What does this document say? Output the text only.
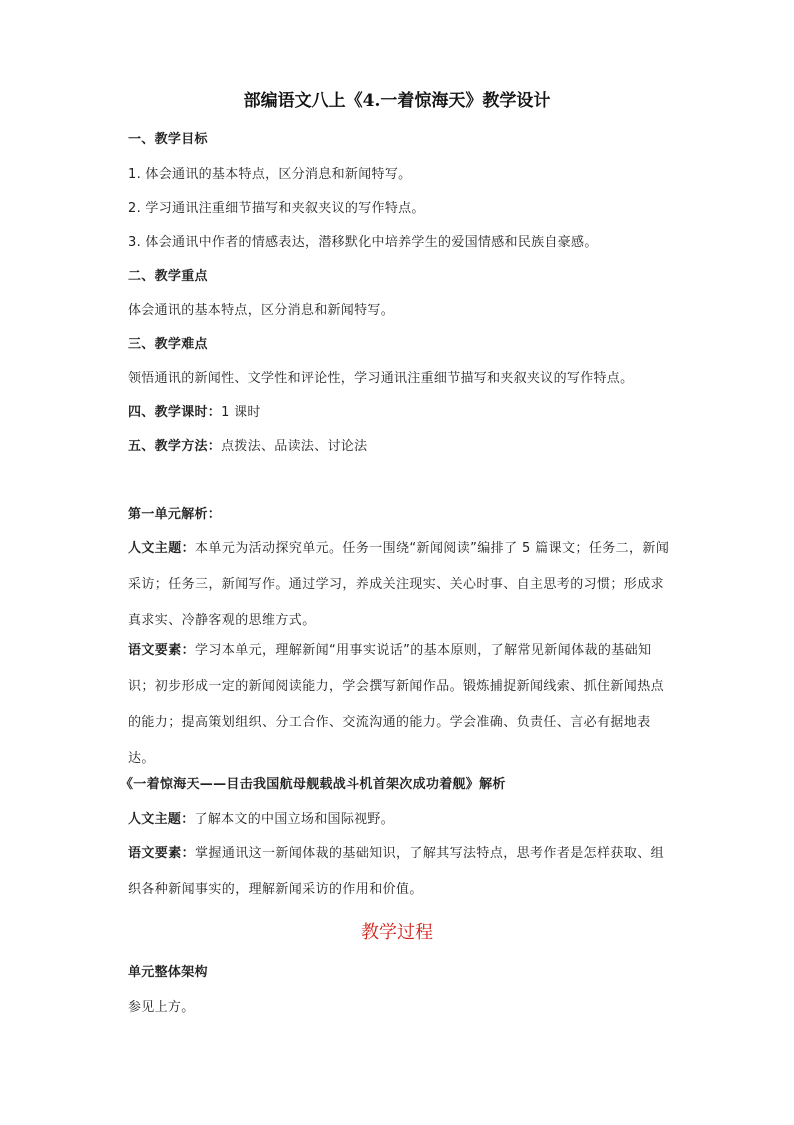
部编语文八上《4.一着惊海天》教学设计
一、教学目标
1. 体会通讯的基本特点，区分消息和新闻特写。
2. 学习通讯注重细节描写和夹叙夹议的写作特点。
3. 体会通讯中作者的情感表达，潜移默化中培养学生的爱国情感和民族自豪感。
二、教学重点
体会通讯的基本特点，区分消息和新闻特写。
三、教学难点
领悟通讯的新闻性、文学性和评论性，学习通讯注重细节描写和夹叙夹议的写作特点。
四、教学课时：1 课时
五、教学方法：点拨法、品读法、讨论法
第一单元解析：
人文主题：本单元为活动探究单元。任务一围绕“新闻阅读”编排了 5 篇课文；任务二，新闻采访；任务三，新闻写作。通过学习，养成关注现实、关心时事、自主思考的习惯；形成求真求实、冷静客观的思维方式。
语文要素：学习本单元，理解新闻“用事实说话”的基本原则，了解常见新闻体裁的基础知识；初步形成一定的新闻阅读能力，学会撰写新闻作品。锻炼捕捉新闻线索、抓住新闻热点的能力；提高策划组织、分工合作、交流沟通的能力。学会准确、负责任、言必有据地表达。
《一着惊海天——目击我国航母舰载战斗机首架次成功着舰》解析
人文主题：了解本文的中国立场和国际视野。
语文要素：掌握通讯这一新闻体裁的基础知识，了解其写法特点，思考作者是怎样获取、组织各种新闻事实的，理解新闻采访的作用和价值。
教学过程
单元整体架构
参见上方。
